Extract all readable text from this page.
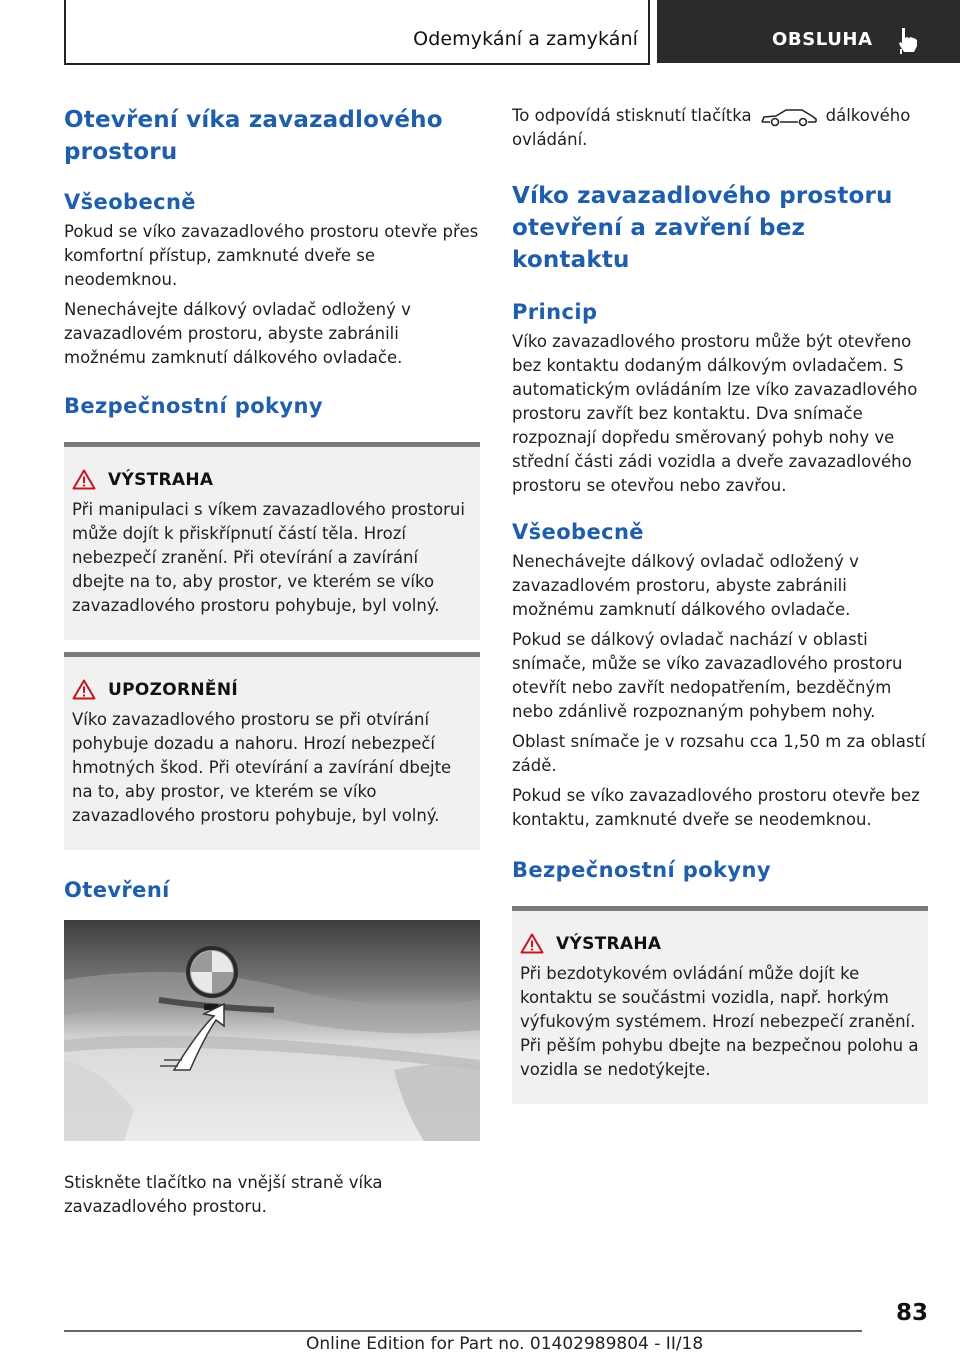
Odemykání a zamykání	OBSLUHA
Otevření víka zavazadlového prostoru
Všeobecně

Pokud se víko zavazadlového prostoru otevře přes komfortní přístup, zamknuté dveře se neodemknou.

Nenechávejte dálkový ovladač odložený v zavazadlovém prostoru, abyste zabránili možnému zamknutí dálkového ovladače.

Bezpečnostní pokyny
VÝSTRAHA

Při manipulaci s víkem zavazadlového prostorui může dojít k přiskřípnutí částí těla. Hrozí nebezpečí zranění. Při otevírání a zavírání dbejte na to, aby prostor, ve kterém se víko zavazadlového prostoru pohybuje, byl volný.

UPOZORNĚNÍ

Víko zavazadlového prostoru se při otvírání pohybuje dozadu a nahoru. Hrozí nebezpečí hmotných škod. Při otevírání a zavírání dbejte na to, aby prostor, ve kterém se víko zavazadlového prostoru pohybuje, byl volný.

Otevření

Stiskněte tlačítko na vnější straně víka zavazadlového prostoru.

To odpovídá stisknutí tlačítka	dálkového ovládání.

Víko zavazadlového prostoru otevření a zavření bez kontaktu
Princip

Víko zavazadlového prostoru může být otevřeno bez kontaktu dodaným dálkovým ovladačem. S automatickým ovládáním lze víko zavazadlového prostoru zavřít bez kontaktu. Dva snímače rozpoznají dopředu směrovaný pohyb nohy ve střední části zádi vozidla a dveře zavazadlového prostoru se otevřou nebo zavřou.

Všeobecně

Nenechávejte dálkový ovladač odložený v zavazadlovém prostoru, abyste zabránili možnému zamknutí dálkového ovladače.

Pokud se dálkový ovladač nachází v oblasti snímače, může se víko zavazadlového prostoru otevřít nebo zavřít nedopatřením, bezděčným nebo zdánlivě rozpoznaným pohybem nohy.

Oblast snímače je v rozsahu cca 1,50 m za oblastí zádě.

Pokud se víko zavazadlového prostoru otevře bez kontaktu, zamknuté dveře se neodemknou.

Bezpečnostní pokyny
VÝSTRAHA

Při bezdotykovém ovládání může dojít ke kontaktu se součástmi vozidla, např. horkým výfukovým systémem. Hrozí nebezpečí zranění. Při pěším pohybu dbejte na bezpečnou polohu a vozidla se nedotýkejte.

83
Online Edition for Part no. 01402989804 - II/18
